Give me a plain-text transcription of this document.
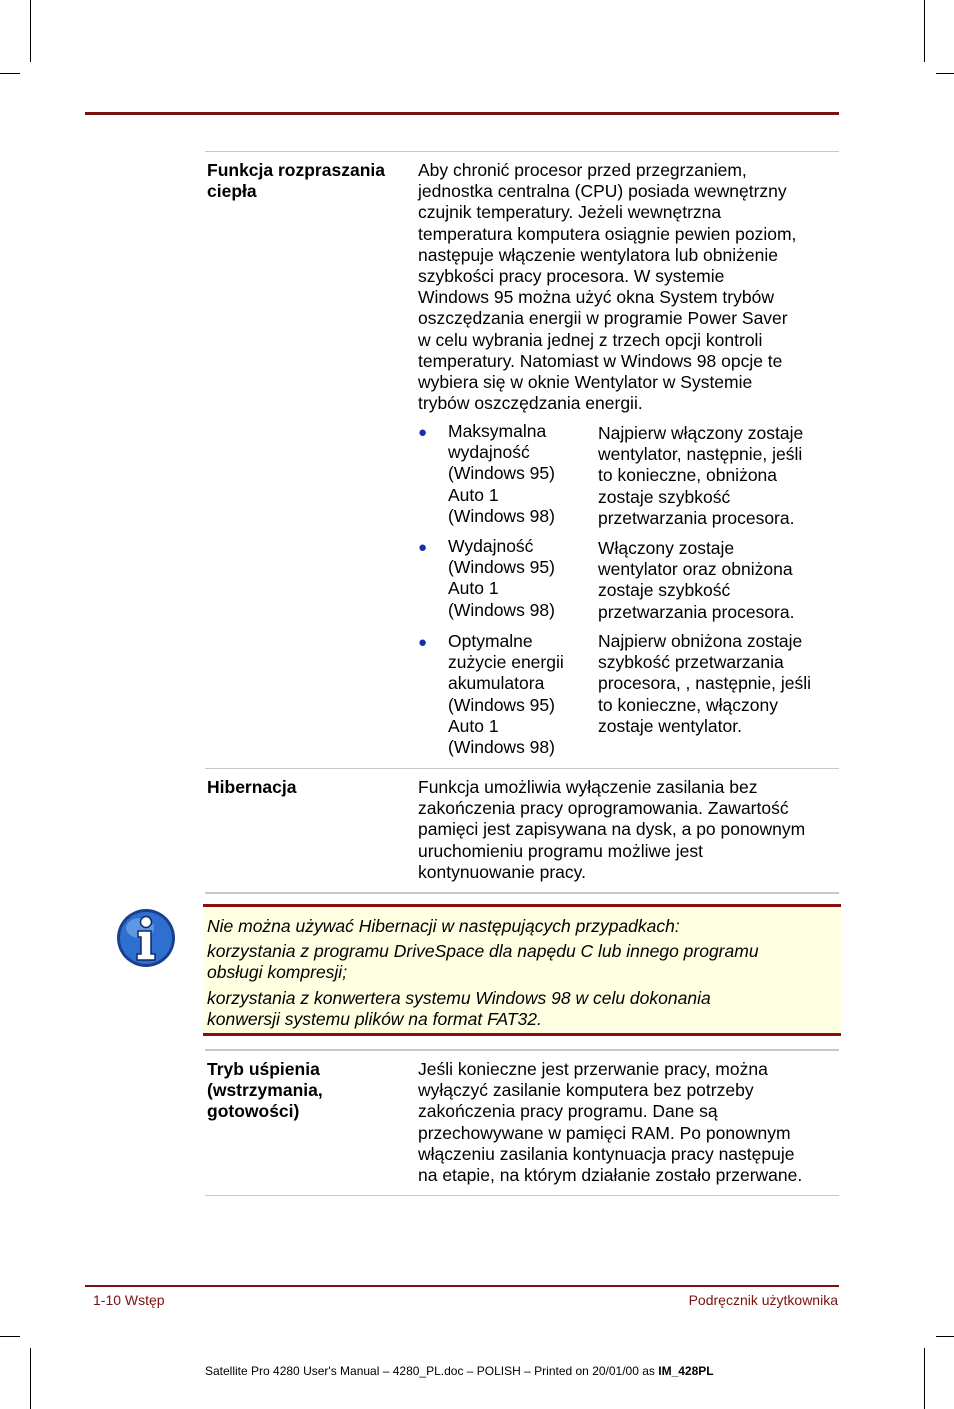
Funkcja rozpraszania
ciepła
Aby chronić procesor przed przegrzaniem,
jednostka centralna (CPU) posiada wewnętrzny
czujnik temperatury. Jeżeli wewnętrzna
temperatura komputera osiągnie pewien poziom,
następuje włączenie wentylatora lub obniżenie
szybkości pracy procesora. W systemie
Windows 95 można użyć okna System trybów
oszczędzania energii w programie Power Saver
w celu wybrania jednej z trzech opcji kontroli
temperatury. Natomiast w Windows 98 opcje te
wybiera się w oknie Wentylator w Systemie
trybów oszczędzania energii.
● Maksymalna
wydajność
(Windows 95)
Auto 1
(Windows 98)
Najpierw włączony zostaje
wentylator, następnie, jeśli
to konieczne, obniżona
zostaje szybkość
przetwarzania procesora.
● Wydajność
(Windows 95)
Auto 1
(Windows 98)
Włączony zostaje
wentylator oraz obniżona
zostaje szybkość
przetwarzania procesora.
● Optymalne
zużycie energii
akumulatora
(Windows 95)
Auto 1
(Windows 98)
Najpierw obniżona zostaje
szybkość przetwarzania
procesora, , następnie, jeśli
to konieczne, włączony
zostaje wentylator.
Hibernacja	Funkcja umożliwia wyłączenie zasilania bez
zakończenia pracy oprogramowania. Zawartość
pamięci jest zapisywana na dysk, a po ponownym
uruchomieniu programu możliwe jest
kontynuowanie pracy.

Nie można używać Hibernacji w następujących przypadkach:

korzystania z programu DriveSpace dla napędu C lub innego programu
obsługi kompresji;

korzystania z konwertera systemu Windows 98 w celu dokonania
konwersji systemu plików na format FAT32.

Tryb uśpienia
(wstrzymania,
gotowości)
Jeśli konieczne jest przerwanie pracy, można
wyłączyć zasilanie komputera bez potrzeby
zakończenia pracy programu. Dane są
przechowywane w pamięci RAM. Po ponownym
włączeniu zasilania kontynuacja pracy następuje
na etapie, na którym działanie zostało przerwane.
1-10 Wstęp	Podręcznik użytkownika
Satellite Pro 4280 User's Manual – 4280_PL.doc – POLISH – Printed on 20/01/00 as IM_428PL
